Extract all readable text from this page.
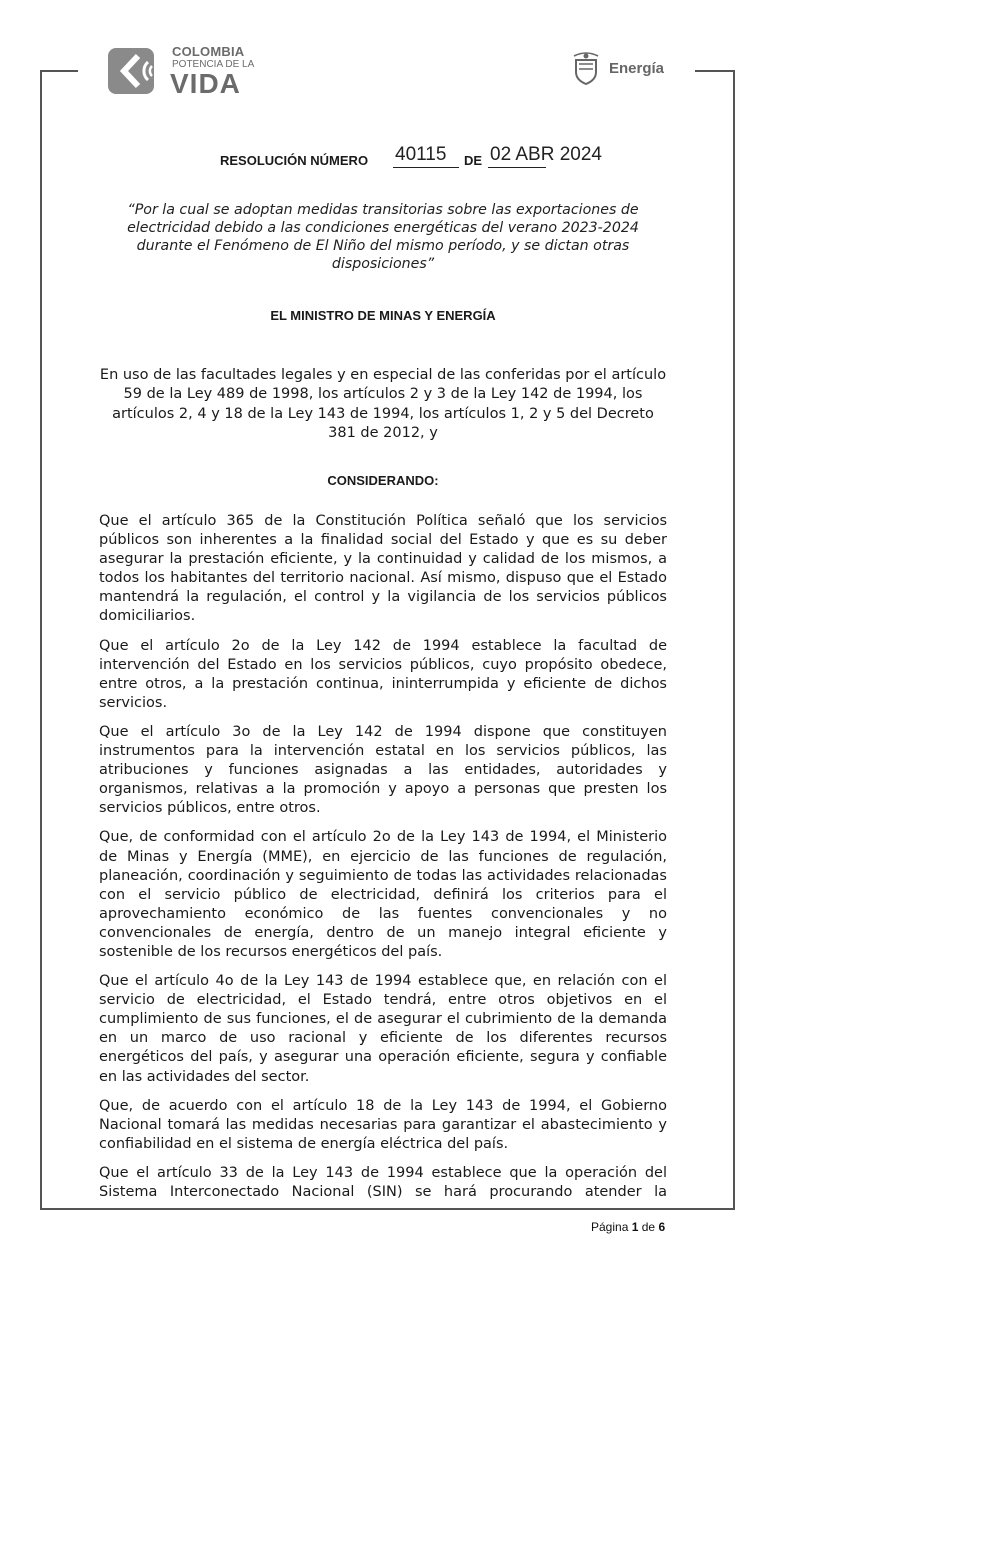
COLOMBIA
POTENCIA DE LA
VIDA	Energía
RESOLUCIÓN NÚMERO 40115 DE 02 ABR 2024
“Por la cual se adoptan medidas transitorias sobre las exportaciones de electricidad debido a las condiciones energéticas del verano 2023-2024 durante el Fenómeno de El Niño del mismo período, y se dictan otras disposiciones”
EL MINISTRO DE MINAS Y ENERGÍA
En uso de las facultades legales y en especial de las conferidas por el artículo 59 de la Ley 489 de 1998, los artículos 2 y 3 de la Ley 142 de 1994, los artículos 2, 4 y 18 de la Ley 143 de 1994, los artículos 1, 2 y 5 del Decreto 381 de 2012, y
CONSIDERANDO:

Que el artículo 365 de la Constitución Política señaló que los servicios públicos son inherentes a la finalidad social del Estado y que es su deber asegurar la prestación eficiente, y la continuidad y calidad de los mismos, a todos los habitantes del territorio nacional. Así mismo, dispuso que el Estado mantendrá la regulación, el control y la vigilancia de los servicios públicos domiciliarios.

Que el artículo 2o de la Ley 142 de 1994 establece la facultad de intervención del Estado en los servicios públicos, cuyo propósito obedece, entre otros, a la prestación continua, ininterrumpida y eficiente de dichos servicios.

Que el artículo 3o de la Ley 142 de 1994 dispone que constituyen instrumentos para la intervención estatal en los servicios públicos, las atribuciones y funciones asignadas a las entidades, autoridades y organismos, relativas a la promoción y apoyo a personas que presten los servicios públicos, entre otros.

Que, de conformidad con el artículo 2o de la Ley 143 de 1994, el Ministerio de Minas y Energía (MME), en ejercicio de las funciones de regulación, planeación, coordinación y seguimiento de todas las actividades relacionadas con el servicio público de electricidad, definirá los criterios para el aprovechamiento económico de las fuentes convencionales y no convencionales de energía, dentro de un manejo integral eficiente y sostenible de los recursos energéticos del país.

Que el artículo 4o de la Ley 143 de 1994 establece que, en relación con el servicio de electricidad, el Estado tendrá, entre otros objetivos en el cumplimiento de sus funciones, el de asegurar el cubrimiento de la demanda en un marco de uso racional y eficiente de los diferentes recursos energéticos del país, y asegurar una operación eficiente, segura y confiable en las actividades del sector.

Que, de acuerdo con el artículo 18 de la Ley 143 de 1994, el Gobierno Nacional tomará las medidas necesarias para garantizar el abastecimiento y confiabilidad en el sistema de energía eléctrica del país.

Que el artículo 33 de la Ley 143 de 1994 establece que la operación del Sistema Interconectado Nacional (SIN) se hará procurando atender la

Página 1 de 6
